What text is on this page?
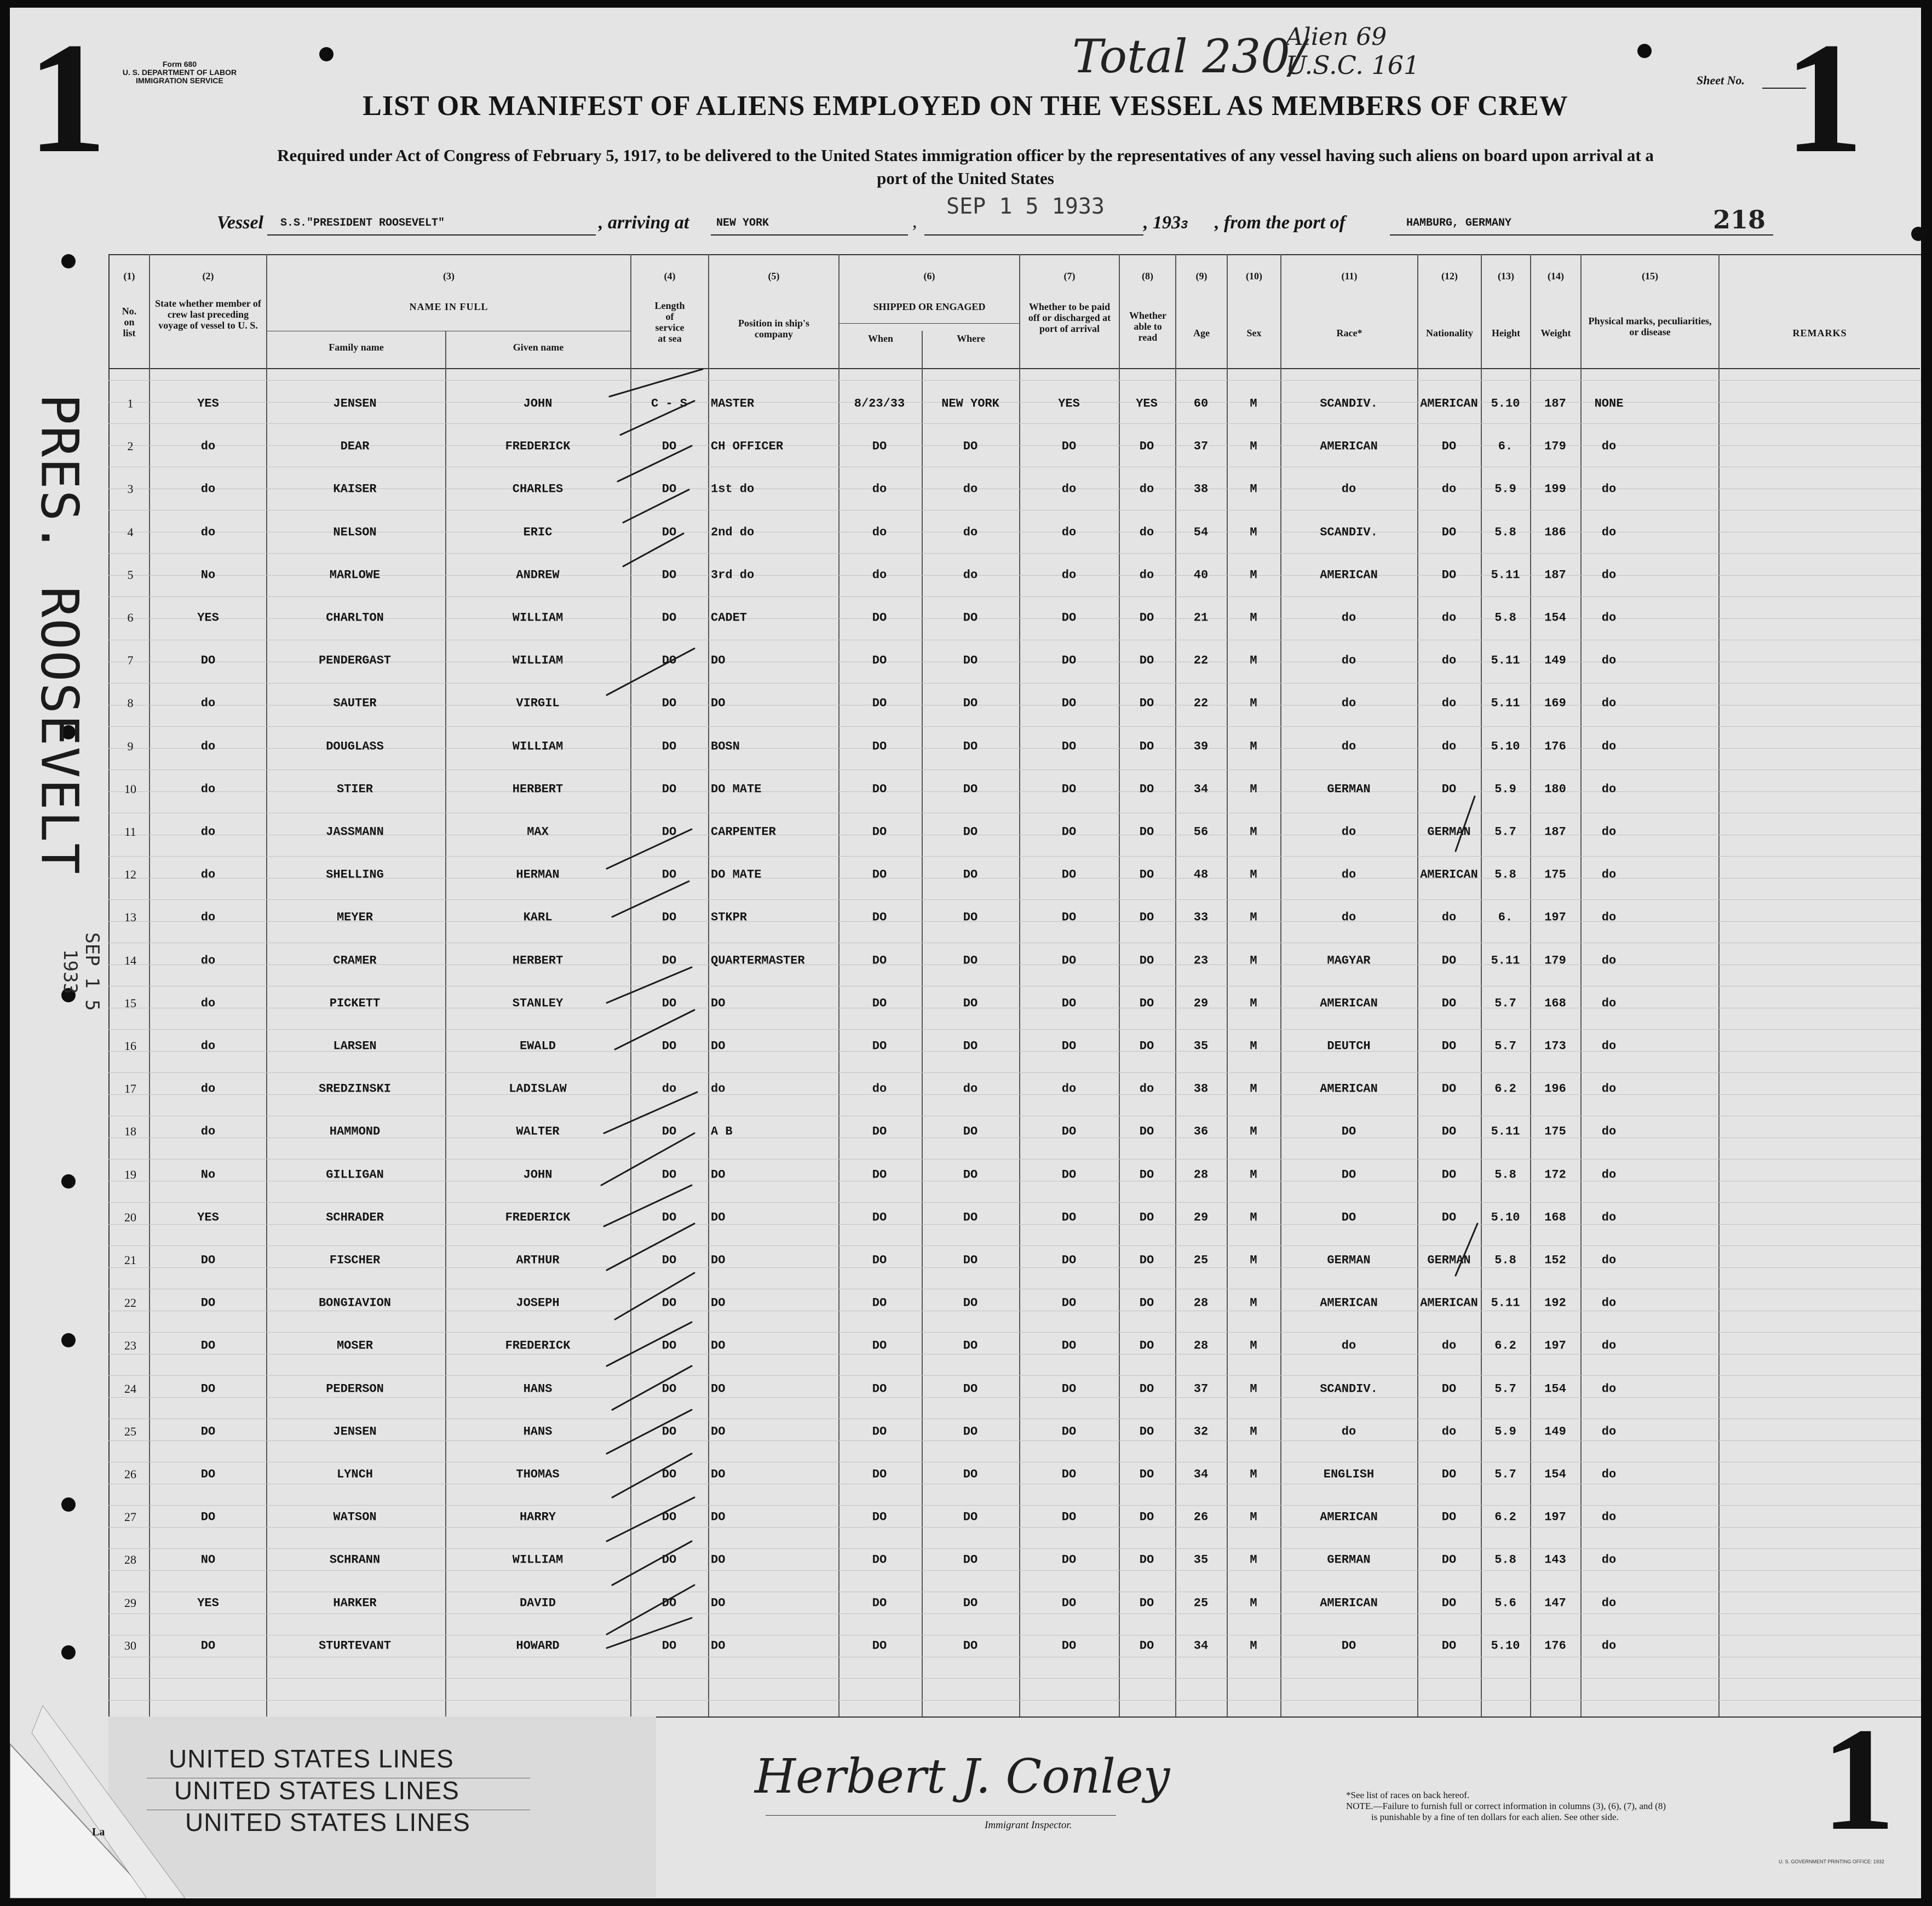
1	1
1
Form 680
U. S. DEPARTMENT OF LABOR
IMMIGRATION SERVICE	Total 230/
Alien 69
U.S.C. 161
Sheet No.
LIST OR MANIFEST OF ALIENS EMPLOYED ON THE VESSEL AS MEMBERS OF CREW
Required under Act of Congress of February 5, 1917, to be delivered to the United States immigration officer by the representatives of any vessel having such aliens on board upon arrival at a
port of the United States
Vessel S.S."PRESIDENT ROOSEVELT"	, arriving at NEW YORK	,
SEP 1 5 1933
, 1933 , from the port of	HAMBURG, GERMANY	218
(1)
No. on list
(2)
State whether member of crew last preceding voyage of vessel to U. S.
(3)
NAME IN FULL
Family name	Given name
(4)
Length of service at sea
(5)
Position in ship's company
(6)
SHIPPED OR ENGAGED
When	Where
(7)
Whether to be paid off or discharged at port of arrival
(8)
Whether able to read
(9)
Age
(10)
Sex
(11)
Race*
(12)
Nationality
(13)
Height
(14)
Weight
(15)
Physical marks, peculiarities, or disease	REMARKS
1	YES	JENSEN	JOHN	C - S	MASTER	8/23/33	NEW YORK	YES	YES	60	M	SCANDIV.	AMERICAN	5.10	187	NONE
2	do	DEAR	FREDERICK	DO	CH OFFICER	DO	DO	DO	DO	37	M	AMERICAN	DO	6.	179	do
3	do	KAISER	CHARLES	DO	1st do	do	do	do	do	38	M	do	do	5.9	199	do
4	do	NELSON	ERIC	DO	2nd do	do	do	do	do	54	M	SCANDIV.	DO	5.8	186	do
5	No	MARLOWE	ANDREW	DO	3rd do	do	do	do	do	40	M	AMERICAN	DO	5.11	187	do
6	YES	CHARLTON	WILLIAM	DO	CADET	DO	DO	DO	DO	21	M	do	do	5.8	154	do
7	DO	PENDERGAST	WILLIAM	DO	DO	DO	DO	DO	DO	22	M	do	do	5.11	149	do
8	do	SAUTER	VIRGIL	DO	DO	DO	DO	DO	DO	22	M	do	do	5.11	169	do
9	do	DOUGLASS	WILLIAM	DO	BOSN	DO	DO	DO	DO	39	M	do	do	5.10	176	do
10	do	STIER	HERBERT	DO	DO MATE	DO	DO	DO	DO	34	M	GERMAN	DO	5.9	180	do
11	do	JASSMANN	MAX	DO	CARPENTER	DO	DO	DO	DO	56	M	do	GERMAN	5.7	187	do
12	do	SHELLING	HERMAN	DO	DO MATE	DO	DO	DO	DO	48	M	do	AMERICAN	5.8	175	do
13	do	MEYER	KARL	DO	STKPR	DO	DO	DO	DO	33	M	do	do	6.	197	do
14	do	CRAMER	HERBERT	DO	QUARTERMASTER	DO	DO	DO	DO	23	M	MAGYAR	DO	5.11	179	do
15	do	PICKETT	STANLEY	DO	DO	DO	DO	DO	DO	29	M	AMERICAN	DO	5.7	168	do
16	do	LARSEN	EWALD	DO	DO	DO	DO	DO	DO	35	M	DEUTCH	DO	5.7	173	do
17	do	SREDZINSKI	LADISLAW	do	do	do	do	do	do	38	M	AMERICAN	DO	6.2	196	do
18	do	HAMMOND	WALTER	DO	A B	DO	DO	DO	DO	36	M	DO	DO	5.11	175	do
19	No	GILLIGAN	JOHN	DO	DO	DO	DO	DO	DO	28	M	DO	DO	5.8	172	do
20	YES	SCHRADER	FREDERICK	DO	DO	DO	DO	DO	DO	29	M	DO	DO	5.10	168	do
21	DO	FISCHER	ARTHUR	DO	DO	DO	DO	DO	DO	25	M	GERMAN	GERMAN	5.8	152	do
22	DO	BONGIAVION	JOSEPH	DO	DO	DO	DO	DO	DO	28	M	AMERICAN	AMERICAN	5.11	192	do
23	DO	MOSER	FREDERICK	DO	DO	DO	DO	DO	DO	28	M	do	do	6.2	197	do
24	DO	PEDERSON	HANS	DO	DO	DO	DO	DO	DO	37	M	SCANDIV.	DO	5.7	154	do
25	DO	JENSEN	HANS	DO	DO	DO	DO	DO	DO	32	M	do	do	5.9	149	do
26	DO	LYNCH	THOMAS	DO	DO	DO	DO	DO	DO	34	M	ENGLISH	DO	5.7	154	do
27	DO	WATSON	HARRY	DO	DO	DO	DO	DO	DO	26	M	AMERICAN	DO	6.2	197	do
28	NO	SCHRANN	WILLIAM	DO	DO	DO	DO	DO	DO	35	M	GERMAN	DO	5.8	143	do
29	YES	HARKER	DAVID	DO	DO	DO	DO	DO	DO	25	M	AMERICAN	DO	5.6	147	do
30	DO	STURTEVANT	HOWARD	DO	DO	DO	DO	DO	DO	34	M	DO	DO	5.10	176	do
PRES. ROOSEVELT
SEP 1 5 1933
UNITED STATES LINES
UNITED STATES LINES
UNITED STATES LINES
La
Herbert J. Conley
Immigrant Inspector.
*See list of races on back hereof.
NOTE.—Failure to furnish full or correct information in columns (3), (6), (7), and (8)
is punishable by a fine of ten dollars for each alien. See other side.
U. S. GOVERNMENT PRINTING OFFICE: 1932
